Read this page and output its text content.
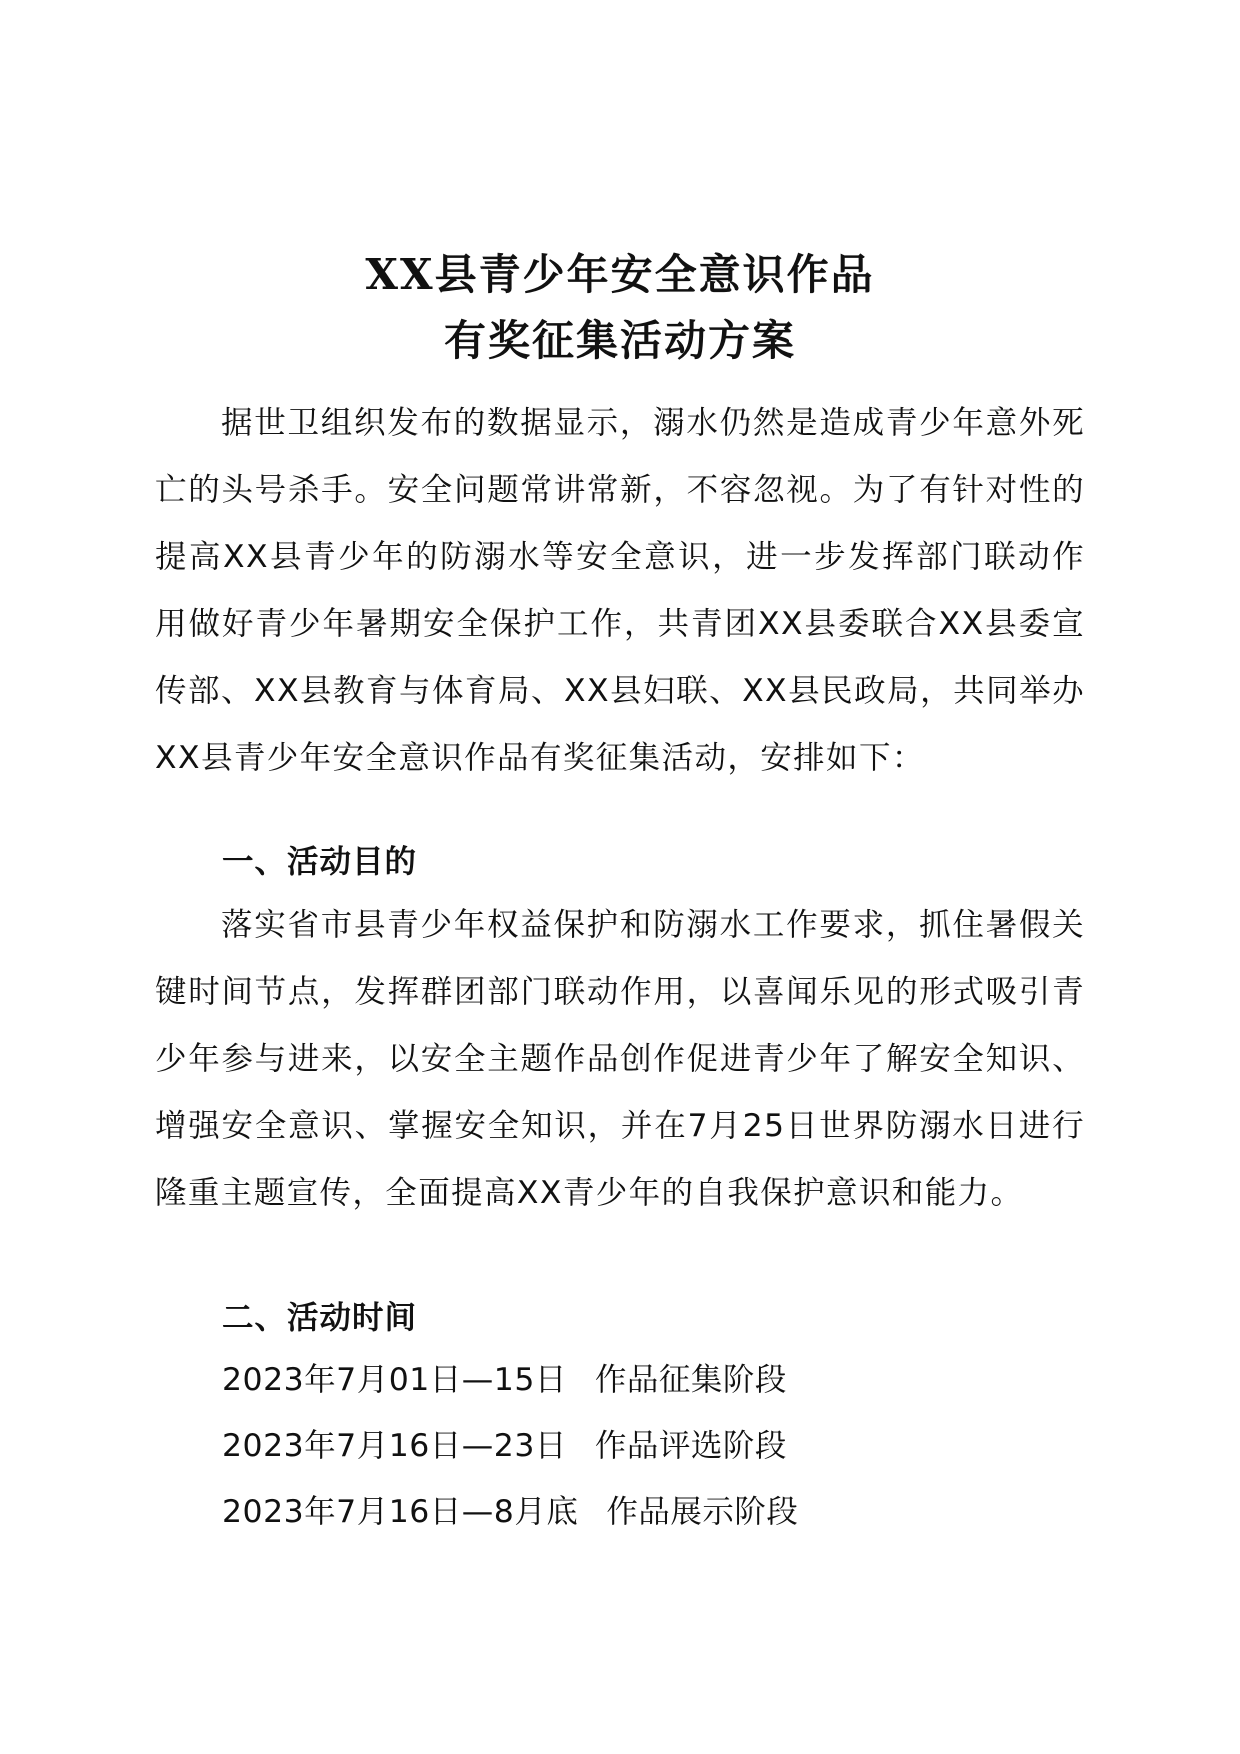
XX县青少年安全意识作品
有奖征集活动方案

据世卫组织发布的数据显示，溺水仍然是造成青少年意外死亡的头号杀手。安全问题常讲常新，不容忽视。为了有针对性的提高XX县青少年的防溺水等安全意识，进一步发挥部门联动作用做好青少年暑期安全保护工作，共青团XX县委联合XX县委宣传部、XX县教育与体育局、XX县妇联、XX县民政局，共同举办XX县青少年安全意识作品有奖征集活动，安排如下：

一、活动目的

落实省市县青少年权益保护和防溺水工作要求，抓住暑假关键时间节点，发挥群团部门联动作用，以喜闻乐见的形式吸引青少年参与进来，以安全主题作品创作促进青少年了解安全知识、增强安全意识、掌握安全知识，并在7月25日世界防溺水日进行隆重主题宣传，全面提高XX青少年的自我保护意识和能力。

二、活动时间
2023年7月01日—15日 作品征集阶段
2023年7月16日—23日 作品评选阶段
2023年7月16日—8月底 作品展示阶段
